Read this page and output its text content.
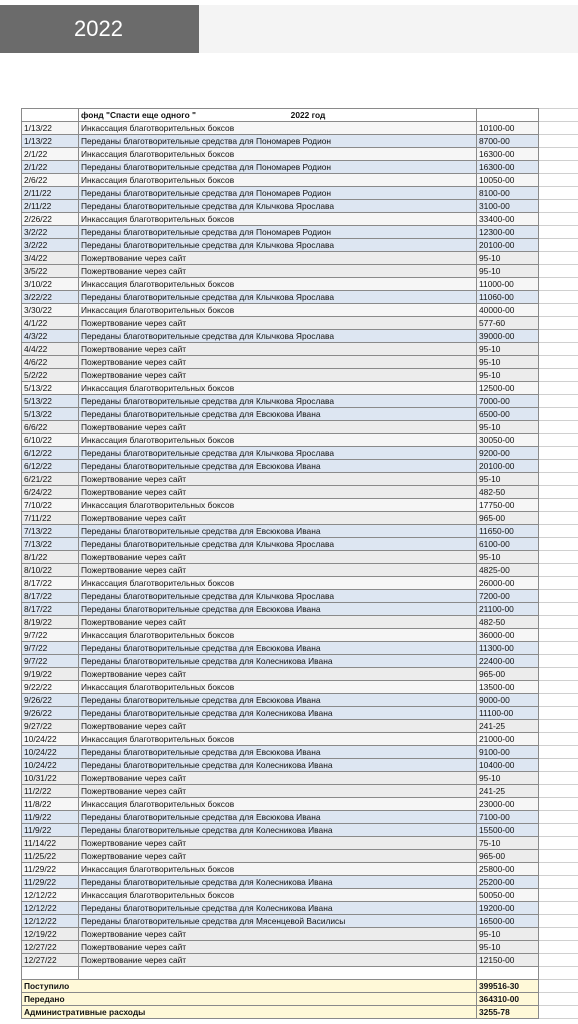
2022
	фонд "Спасти еще одного " 2022 год		
1/13/22	Инкассация благотворительных боксов	10100-00	
1/13/22	Переданы благотворительные средства для Пономарев Родион	8700-00	
2/1/22	Инкассация благотворительных боксов	16300-00	
2/1/22	Переданы благотворительные средства для Пономарев Родион	16300-00	
2/6/22	Инкассация благотворительных боксов	10050-00	
2/11/22	Переданы благотворительные средства для Пономарев Родион	8100-00	
2/11/22	Переданы благотворительные средства для Клычкова Ярослава	3100-00	
2/26/22	Инкассация благотворительных боксов	33400-00	
3/2/22	Переданы благотворительные средства для Пономарев Родион	12300-00	
3/2/22	Переданы благотворительные средства для Клычкова Ярослава	20100-00	
3/4/22	Пожертвование через сайт	95-10	
3/5/22	Пожертвование через сайт	95-10	
3/10/22	Инкассация благотворительных боксов	11000-00	
3/22/22	Переданы благотворительные средства для Клычкова Ярослава	11060-00	
3/30/22	Инкассация благотворительных боксов	40000-00	
4/1/22	Пожертвование через сайт	577-60	
4/3/22	Переданы благотворительные средства для Клычкова Ярослава	39000-00	
4/4/22	Пожертвование через сайт	95-10	
4/6/22	Пожертвование через сайт	95-10	
5/2/22	Пожертвование через сайт	95-10	
5/13/22	Инкассация благотворительных боксов	12500-00	
5/13/22	Переданы благотворительные средства для Клычкова Ярослава	7000-00	
5/13/22	Переданы благотворительные средства для Евсюкова Ивана	6500-00	
6/6/22	Пожертвование через сайт	95-10	
6/10/22	Инкассация благотворительных боксов	30050-00	
6/12/22	Переданы благотворительные средства для Клычкова Ярослава	9200-00	
6/12/22	Переданы благотворительные средства для Евсюкова Ивана	20100-00	
6/21/22	Пожертвование через сайт	95-10	
6/24/22	Пожертвование через сайт	482-50	
7/10/22	Инкассация благотворительных боксов	17750-00	
7/11/22	Пожертвование через сайт	965-00	
7/13/22	Переданы благотворительные средства для Евсюкова Ивана	11650-00	
7/13/22	Переданы благотворительные средства для Клычкова Ярослава	6100-00	
8/1/22	Пожертвование через сайт	95-10	
8/10/22	Пожертвование через сайт	4825-00	
8/17/22	Инкассация благотворительных боксов	26000-00	
8/17/22	Переданы благотворительные средства для Клычкова Ярослава	7200-00	
8/17/22	Переданы благотворительные средства для Евсюкова Ивана	21100-00	
8/19/22	Пожертвование через сайт	482-50	
9/7/22	Инкассация благотворительных боксов	36000-00	
9/7/22	Переданы благотворительные средства для Евсюкова Ивана	11300-00	
9/7/22	Переданы благотворительные средства для Колесникова Ивана	22400-00	
9/19/22	Пожертвование через сайт	965-00	
9/22/22	Инкассация благотворительных боксов	13500-00	
9/26/22	Переданы благотворительные средства для Евсюкова Ивана	9000-00	
9/26/22	Переданы благотворительные средства для Колесникова Ивана	11100-00	
9/27/22	Пожертвование через сайт	241-25	
10/24/22	Инкассация благотворительных боксов	21000-00	
10/24/22	Переданы благотворительные средства для Евсюкова Ивана	9100-00	
10/24/22	Переданы благотворительные средства для Колесникова Ивана	10400-00	
10/31/22	Пожертвование через сайт	95-10	
11/2/22	Пожертвование через сайт	241-25	
11/8/22	Инкассация благотворительных боксов	23000-00	
11/9/22	Переданы благотворительные средства для Евсюкова Ивана	7100-00	
11/9/22	Переданы благотворительные средства для Колесникова Ивана	15500-00	
11/14/22	Пожертвование через сайт	75-10	
11/25/22	Пожертвование через сайт	965-00	
11/29/22	Инкассация благотворительных боксов	25800-00	
11/29/22	Переданы благотворительные средства для Колесникова Ивана	25200-00	
12/12/22	Инкассация благотворительных боксов	50050-00	
12/12/22	Переданы благотворительные средства для Колесникова Ивана	19200-00	
12/12/22	Переданы благотворительные средства для Мясенцевой Василисы	16500-00	
12/19/22	Пожертвование через сайт	95-10	
12/27/22	Пожертвование через сайт	95-10	
12/27/22	Пожертвование через сайт	12150-00	

Поступило		399516-30	
Передано		364310-00	
Административные расходы		3255-78	
